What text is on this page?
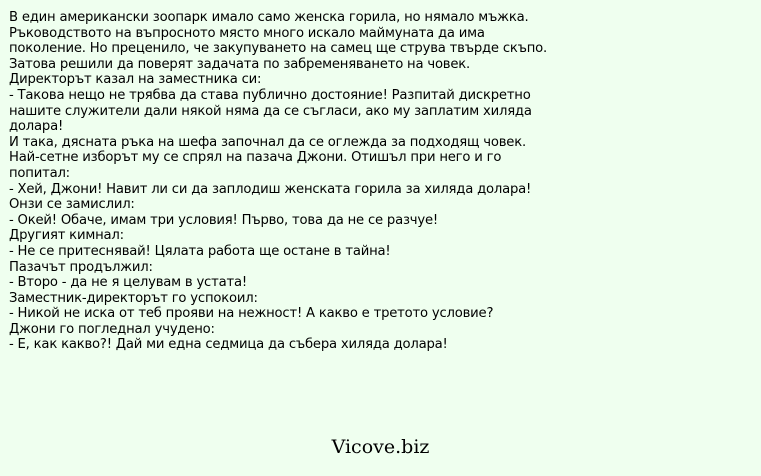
В един американски зоопарк имало само женска горила, но нямало мъжка.
Ръководството на въпросното място много искало маймуната да има
поколение. Но преценило, че закупуването на самец ще струва твърде скъпо.
Затова решили да поверят задачата по забременяването на човек.
Директорът казал на заместника си:
- Такова нещо не трябва да става публично достояние! Разпитай дискретно
нашите служители дали някой няма да се съгласи, ако му заплатим хиляда
долара!
И така, дясната ръка на шефа започнал да се оглежда за подходящ човек.
Най-сетне изборът му се спрял на пазача Джони. Отишъл при него и го
попитал:
- Хей, Джони! Навит ли си да заплодиш женската горила за хиляда долара!
Онзи се замислил:
- Окей! Обаче, имам три условия! Първо, това да не се разчуе!
Другият кимнал:
- Не се притеснявай! Цялата работа ще остане в тайна!
Пазачът продължил:
- Второ - да не я целувам в устата!
Заместник-директорът го успокоил:
- Никой не иска от теб прояви на нежност! А какво е третото условие?
Джони го погледнал учудено:
- Е, как какво?! Дай ми една седмица да събера хиляда долара!
Vicove.biz
